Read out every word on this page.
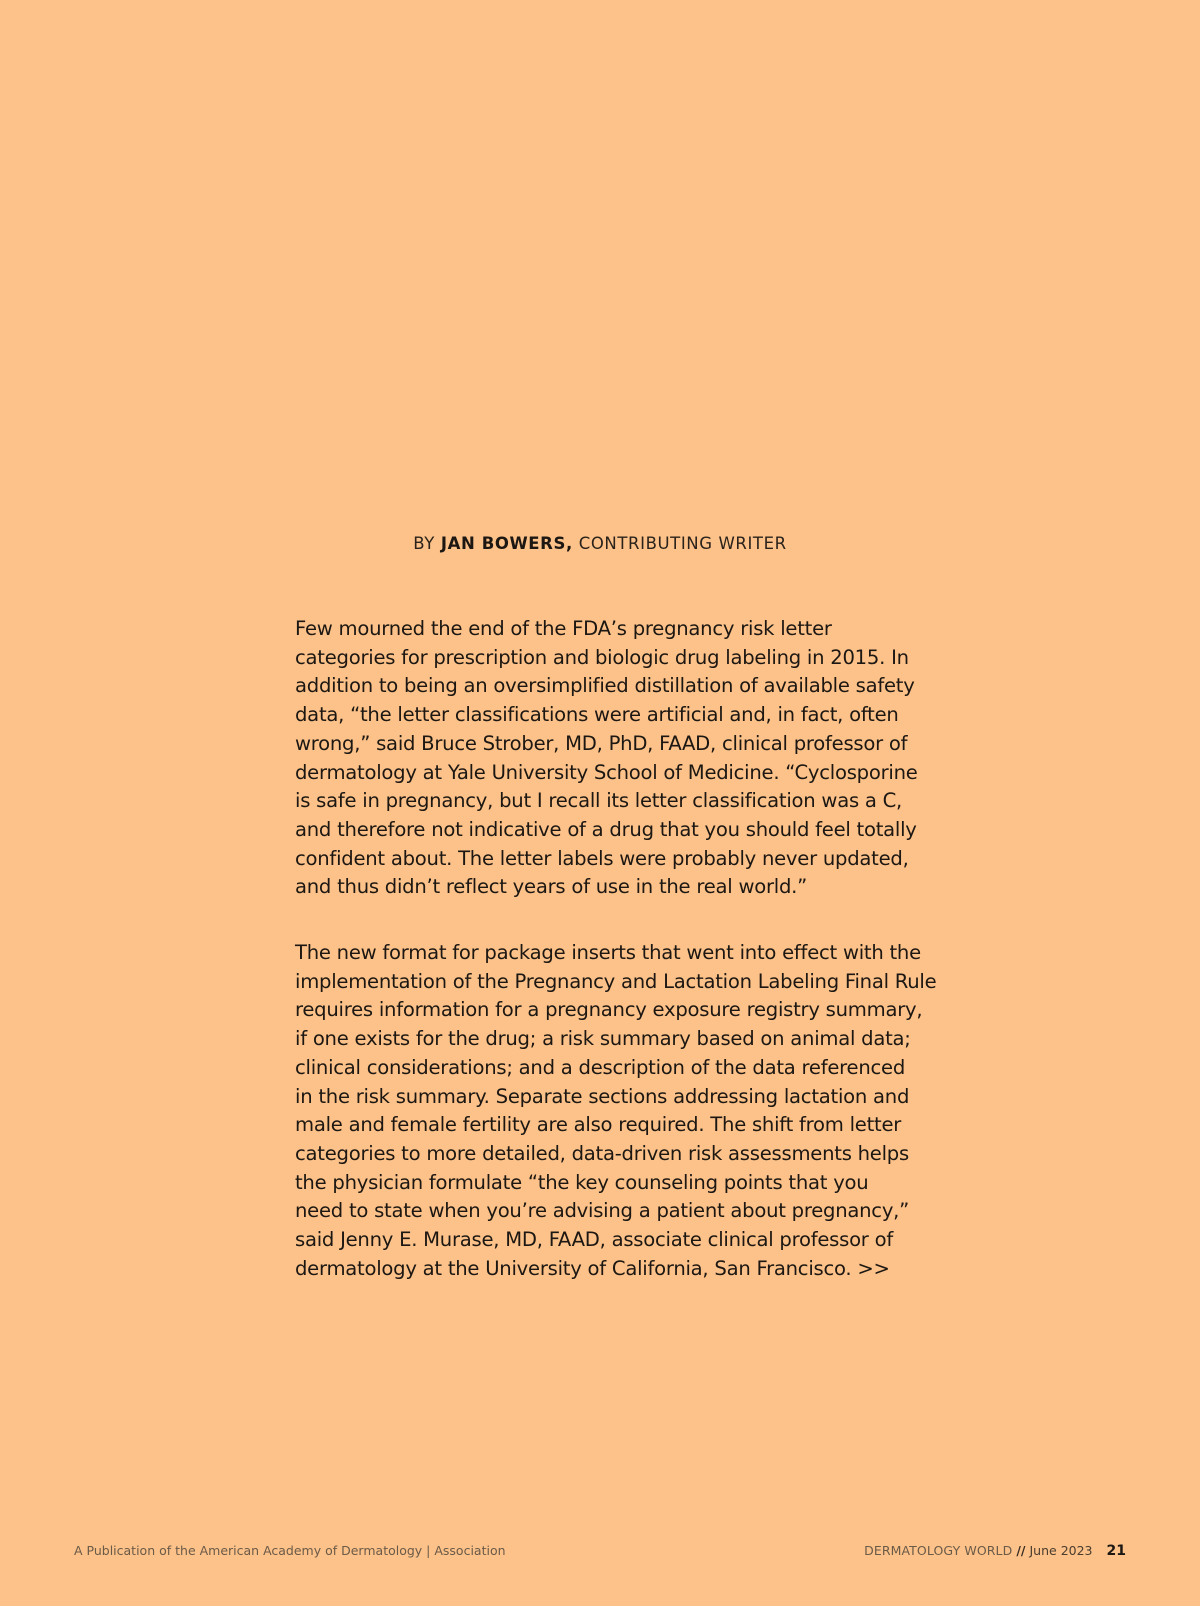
BY JAN BOWERS, CONTRIBUTING WRITER

Few mourned the end of the FDA’s pregnancy risk letter
categories for prescription and biologic drug labeling in 2015. In
addition to being an oversimplified distillation of available safety
data, “the letter classifications were artificial and, in fact, often
wrong,” said Bruce Strober, MD, PhD, FAAD, clinical professor of
dermatology at Yale University School of Medicine. “Cyclosporine
is safe in pregnancy, but I recall its letter classification was a C,
and therefore not indicative of a drug that you should feel totally
confident about. The letter labels were probably never updated,
and thus didn’t reflect years of use in the real world.”

The new format for package inserts that went into effect with the
implementation of the Pregnancy and Lactation Labeling Final Rule
requires information for a pregnancy exposure registry summary,
if one exists for the drug; a risk summary based on animal data;
clinical considerations; and a description of the data referenced
in the risk summary. Separate sections addressing lactation and
male and female fertility are also required. The shift from letter
categories to more detailed, data-driven risk assessments helps
the physician formulate “the key counseling points that you
need to state when you’re advising a patient about pregnancy,”
said Jenny E. Murase, MD, FAAD, associate clinical professor of
dermatology at the University of California, San Francisco. >>

A Publication of the American Academy of Dermatology | Association	DERMATOLOGY WORLD // June 2023 21
